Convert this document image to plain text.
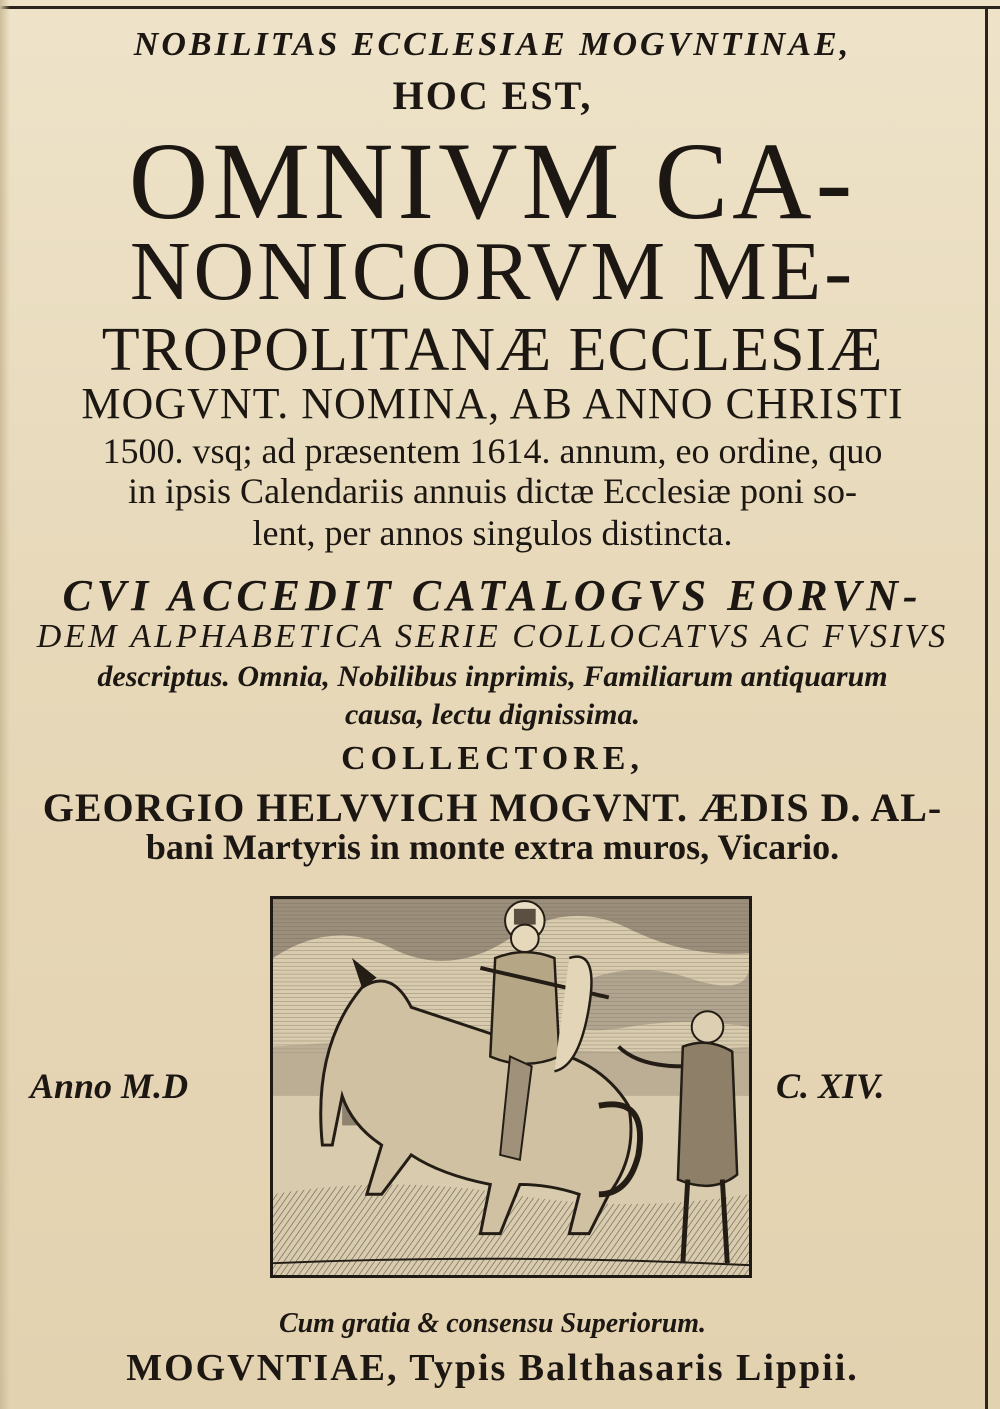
NOBILITAS ECCLESIAE MOGVNTINAE,
HOC EST,
OMNIVM CA-
NONICORVM ME-
TROPOLITANÆ ECCLESIÆ
MOGVNT. NOMINA, AB ANNO CHRISTI
1500. vsq; ad præsentem 1614. annum, eo ordine, quo
in ipsis Calendariis annuis dictæ Ecclesiæ poni so-
lent, per annos singulos distincta.
CVI ACCEDIT CATALOGVS EORVN-
DEM ALPHABETICA SERIE COLLOCATVS AC FVSIVS
descriptus. Omnia, Nobilibus inprimis, Familiarum antiquarum
causa, lectu dignissima.
COLLECTORE,
GEORGIO HELVVICH MOGVNT. ÆDIS D. AL-
bani Martyris in monte extra muros, Vicario.
Anno M.D	C. XIV.
Cum gratia & consensu Superiorum.
MOGVNTIAE, Typis Balthasaris Lippii.
